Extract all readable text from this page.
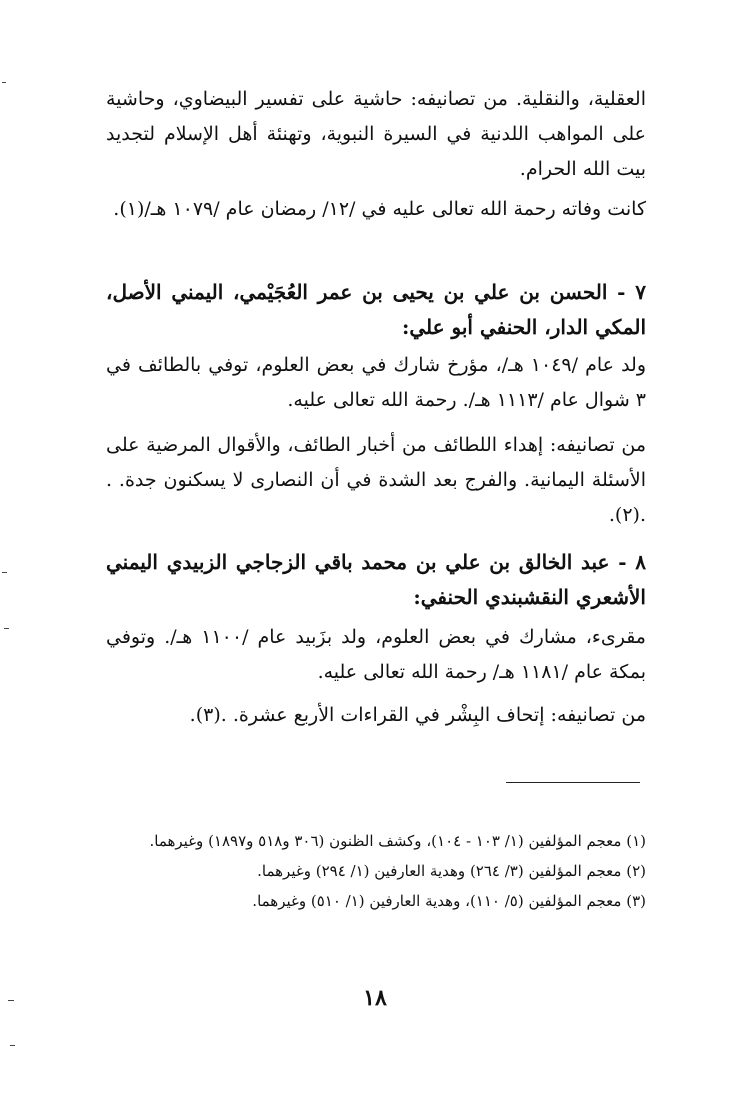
العقلية، والنقلية. من تصانيفه: حاشية على تفسير البيضاوي، وحاشية على المواهب اللدنية في السيرة النبوية، وتهنئة أهل الإسلام لتجديد بيت الله الحرام.

كانت وفاته رحمة الله تعالى عليه في /١٢/ رمضان عام /١٠٧٩ هـ/(١).

٧ - الحسن بن علي بن يحيى بن عمر العُجَيْمي، اليمني الأصل، المكي الدار، الحنفي أبو علي:

ولد عام /١٠٤٩ هـ/، مؤرخ شارك في بعض العلوم، توفي بالطائف في ٣ شوال عام /١١١٣ هـ/. رحمة الله تعالى عليه.

من تصانيفه: إهداء اللطائف من أخبار الطائف، والأقوال المرضية على الأسئلة اليمانية. والفرج بعد الشدة في أن النصارى لا يسكنون جدة. . .(٢).

٨ - عبد الخالق بن علي بن محمد باقي الزجاجي الزبيدي اليمني الأشعري النقشبندي الحنفي:

مقرىء، مشارك في بعض العلوم، ولد بزَبيد عام /١١٠٠ هـ/. وتوفي بمكة عام /١١٨١ هـ/ رحمة الله تعالى عليه.

من تصانيفه: إتحاف البِشْر في القراءات الأربع عشرة. .(٣).

(١) معجم المؤلفين (١/ ١٠٣ - ١٠٤)، وكشف الظنون (٣٠٦ و٥١٨ و١٨٩٧) وغيرهما.

(٢) معجم المؤلفين (٣/ ٢٦٤) وهدية العارفين (١/ ٢٩٤) وغيرهما.

(٣) معجم المؤلفين (٥/ ١١٠)، وهدية العارفين (١/ ٥١٠) وغيرهما.

١٨
